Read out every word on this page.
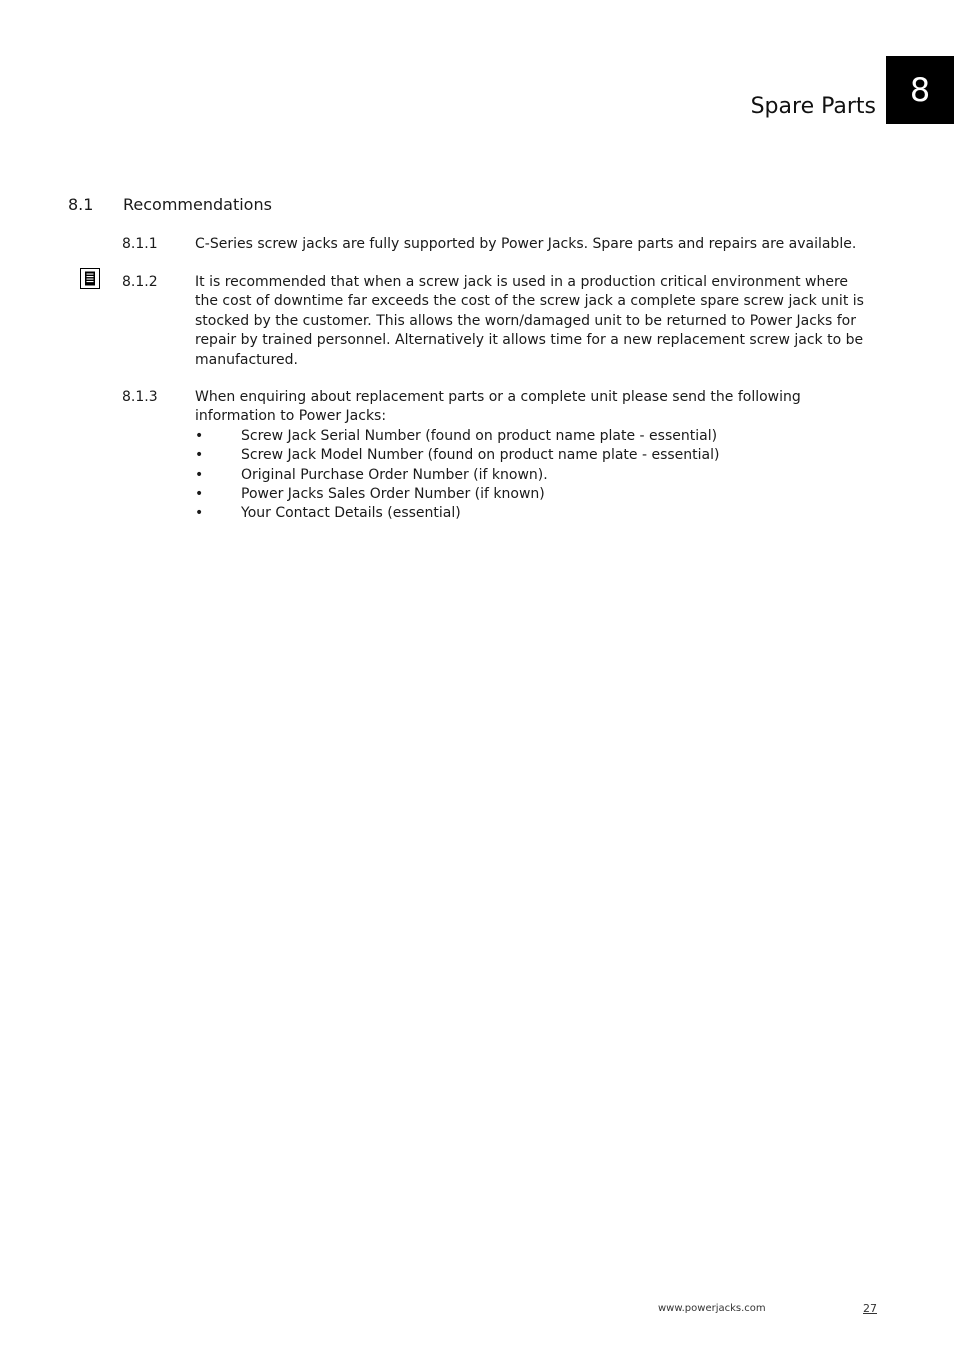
Spare Parts	8
8.1 Recommendations
8.1.1	C-Series screw jacks are fully supported by Power Jacks. Spare parts and repairs are available.

8.1.2	It is recommended that when a screw jack is used in a production critical environment where the cost of downtime far exceeds the cost of the screw jack a complete spare screw jack unit is stocked by the customer. This allows the worn/damaged unit to be returned to Power Jacks for repair by trained personnel. Alternatively it allows time for a new replacement screw jack to be manufactured.

8.1.3	When enquiring about replacement parts or a complete unit please send the following information to Power Jacks:
•	Screw Jack Serial Number (found on product name plate - essential)
•	Screw Jack Model Number (found on product name plate - essential)
•	Original Purchase Order Number (if known).
•	Power Jacks Sales Order Number (if known)
•	Your Contact Details (essential)
www.powerjacks.com	27
